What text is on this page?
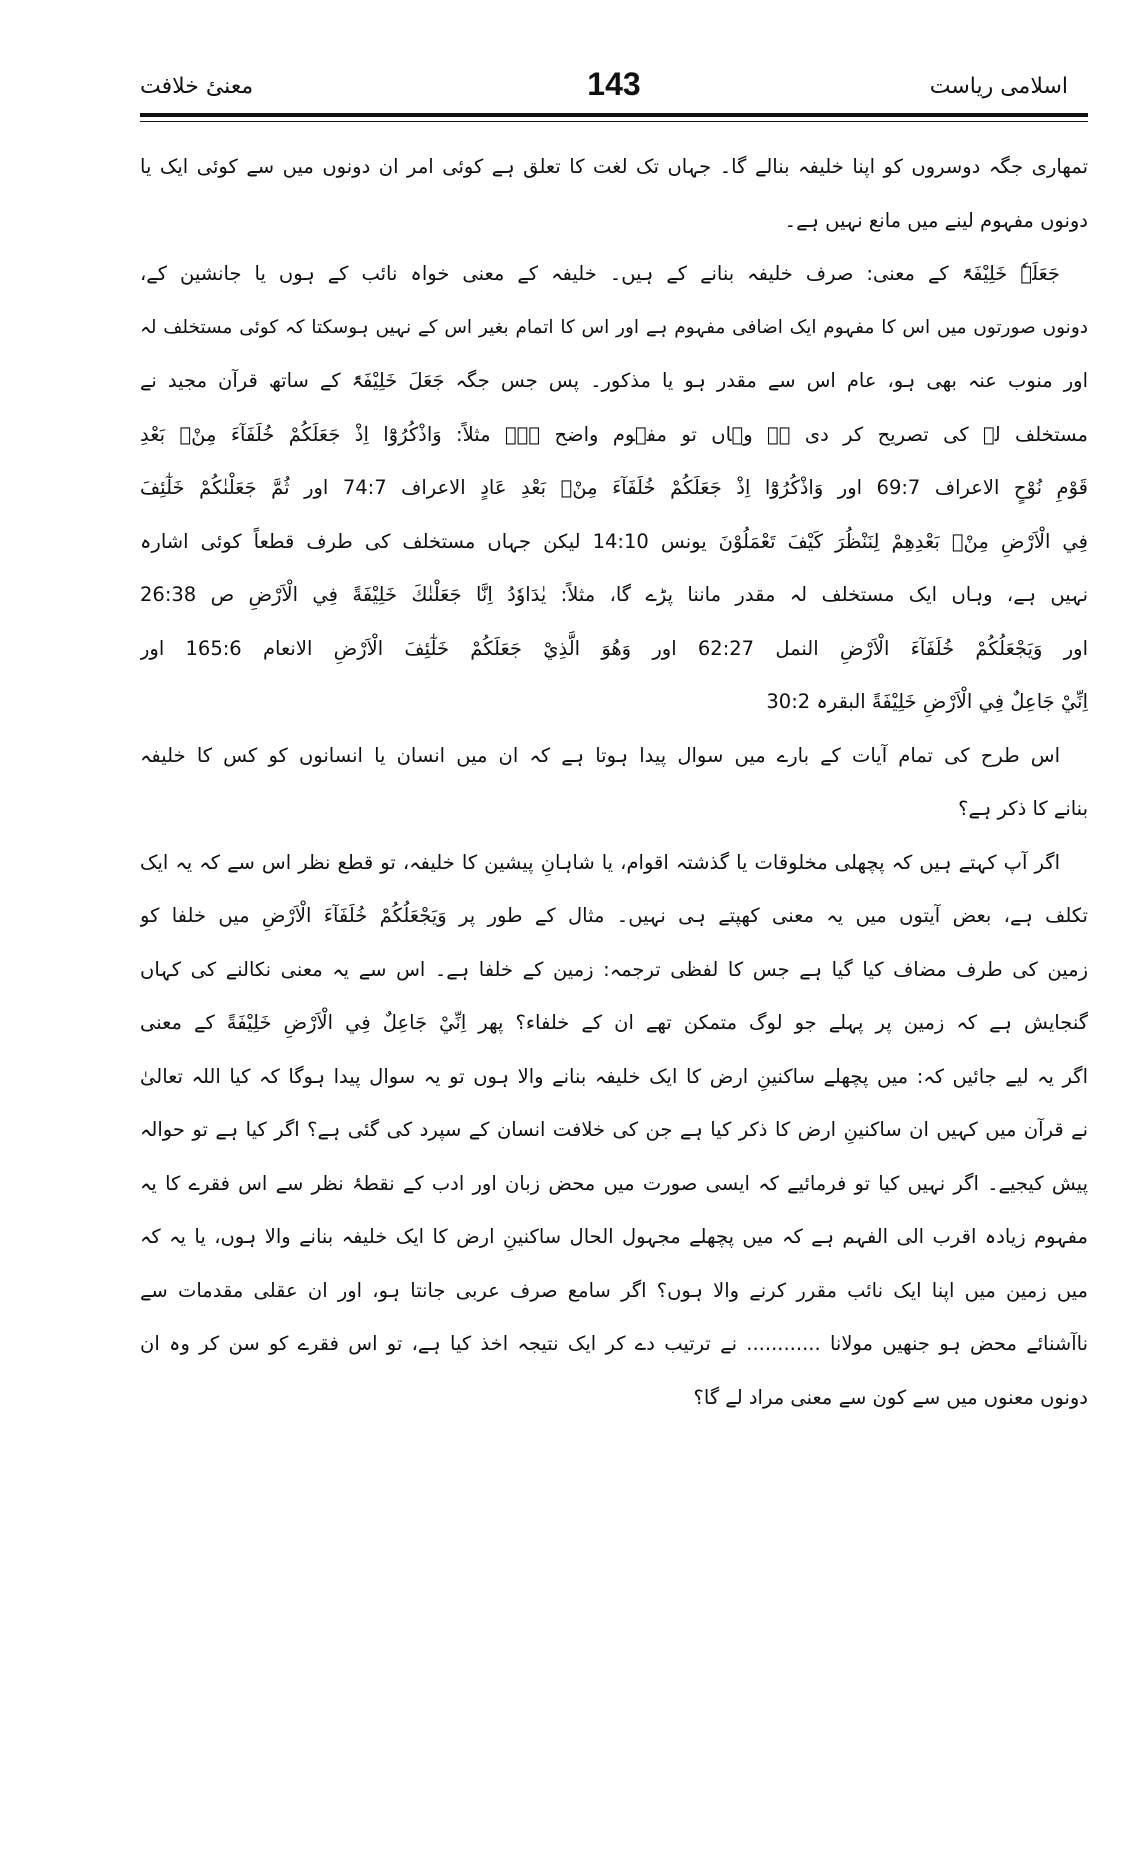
معنیٔ خلافت	143	اسلامی ریاست
تمھاری جگہ دوسروں کو اپنا خلیفہ بنالے گا۔ جہاں تک لغت کا تعلق ہے کوئی امر ان دونوں میں سے کوئی ایک یا
دونوں مفہوم لینے میں مانع نہیں ہے۔
جَعَلَہٗ خَلِیْفَۃً کے معنی: صرف خلیفہ بنانے کے ہیں۔ خلیفہ کے معنی خواہ نائب کے ہوں یا جانشین کے،
دونوں صورتوں میں اس کا مفہوم ایک اضافی مفہوم ہے اور اس کا اتمام بغیر اس کے نہیں ہوسکتا کہ کوئی مستخلف لہ
اور منوب عنہ بھی ہو، عام اس سے مقدر ہو یا مذکور۔ پس جس جگہ جَعَلَ خَلِیْفَۃً کے ساتھ قرآن مجید نے
مستخلف لہ کی تصریح کر دی ہے وہاں تو مفہوم واضح ہے۔ مثلاً: وَاذْكُرُوْٓا اِذْ جَعَلَكُمْ خُلَفَآءَ مِنْۢ بَعْدِ
قَوْمِ نُوْحٍ الاعراف 69:7 اور وَاذْكُرُوْٓا اِذْ جَعَلَكُمْ خُلَفَآءَ مِنْۢ بَعْدِ عَادٍ الاعراف 74:7 اور ثُمَّ جَعَلْنٰكُمْ خَلٰٓئِفَ
فِي الْاَرْضِ مِنْۢ بَعْدِهِمْ لِنَنْظُرَ كَيْفَ تَعْمَلُوْنَ یونس 14:10 لیکن جہاں مستخلف کی طرف قطعاً کوئی اشارہ
نہیں ہے، وہاں ایک مستخلف لہ مقدر ماننا پڑے گا، مثلاً: يٰدَاوٗدُ اِنَّا جَعَلْنٰكَ خَلِيْفَةً فِي الْاَرْضِ ص 26:38
اور وَيَجْعَلُكُمْ خُلَفَآءَ الْاَرْضِ النمل 62:27 اور وَهُوَ الَّذِيْ جَعَلَكُمْ خَلٰٓئِفَ الْاَرْضِ الانعام 165:6 اور
اِنِّيْ جَاعِلٌ فِي الْاَرْضِ خَلِيْفَةً البقرہ 30:2
اس طرح کی تمام آیات کے بارے میں سوال پیدا ہوتا ہے کہ ان میں انسان یا انسانوں کو کس کا خلیفہ
بنانے کا ذکر ہے؟
اگر آپ کہتے ہیں کہ پچھلی مخلوقات یا گذشتہ اقوام، یا شاہانِ پیشین کا خلیفہ، تو قطع نظر اس سے کہ یہ ایک
تکلف ہے، بعض آیتوں میں یہ معنی کھپتے ہی نہیں۔ مثال کے طور پر وَيَجْعَلُكُمْ خُلَفَآءَ الْاَرْضِ میں خلفا کو
زمین کی طرف مضاف کیا گیا ہے جس کا لفظی ترجمہ: زمین کے خلفا ہے۔ اس سے یہ معنی نکالنے کی کہاں
گنجایش ہے کہ زمین پر پہلے جو لوگ متمکن تھے ان کے خلفاء؟ پھر اِنِّيْ جَاعِلٌ فِي الْاَرْضِ خَلِيْفَةً کے معنی
اگر یہ لیے جائیں کہ: میں پچھلے ساکنینِ ارض کا ایک خلیفہ بنانے والا ہوں تو یہ سوال پیدا ہوگا کہ کیا اللہ تعالیٰ
نے قرآن میں کہیں ان ساکنینِ ارض کا ذکر کیا ہے جن کی خلافت انسان کے سپرد کی گئی ہے؟ اگر کیا ہے تو حوالہ
پیش کیجیے۔ اگر نہیں کیا تو فرمائیے کہ ایسی صورت میں محض زبان اور ادب کے نقطۂ نظر سے اس فقرے کا یہ
مفہوم زیادہ اقرب الی الفہم ہے کہ میں پچھلے مجہول الحال ساکنینِ ارض کا ایک خلیفہ بنانے والا ہوں، یا یہ کہ
میں زمین میں اپنا ایک نائب مقرر کرنے والا ہوں؟ اگر سامع صرف عربی جانتا ہو، اور ان عقلی مقدمات سے
ناآشنائے محض ہو جنھیں مولانا ............ نے ترتیب دے کر ایک نتیجہ اخذ کیا ہے، تو اس فقرے کو سن کر وہ ان
دونوں معنوں میں سے کون سے معنی مراد لے گا؟
